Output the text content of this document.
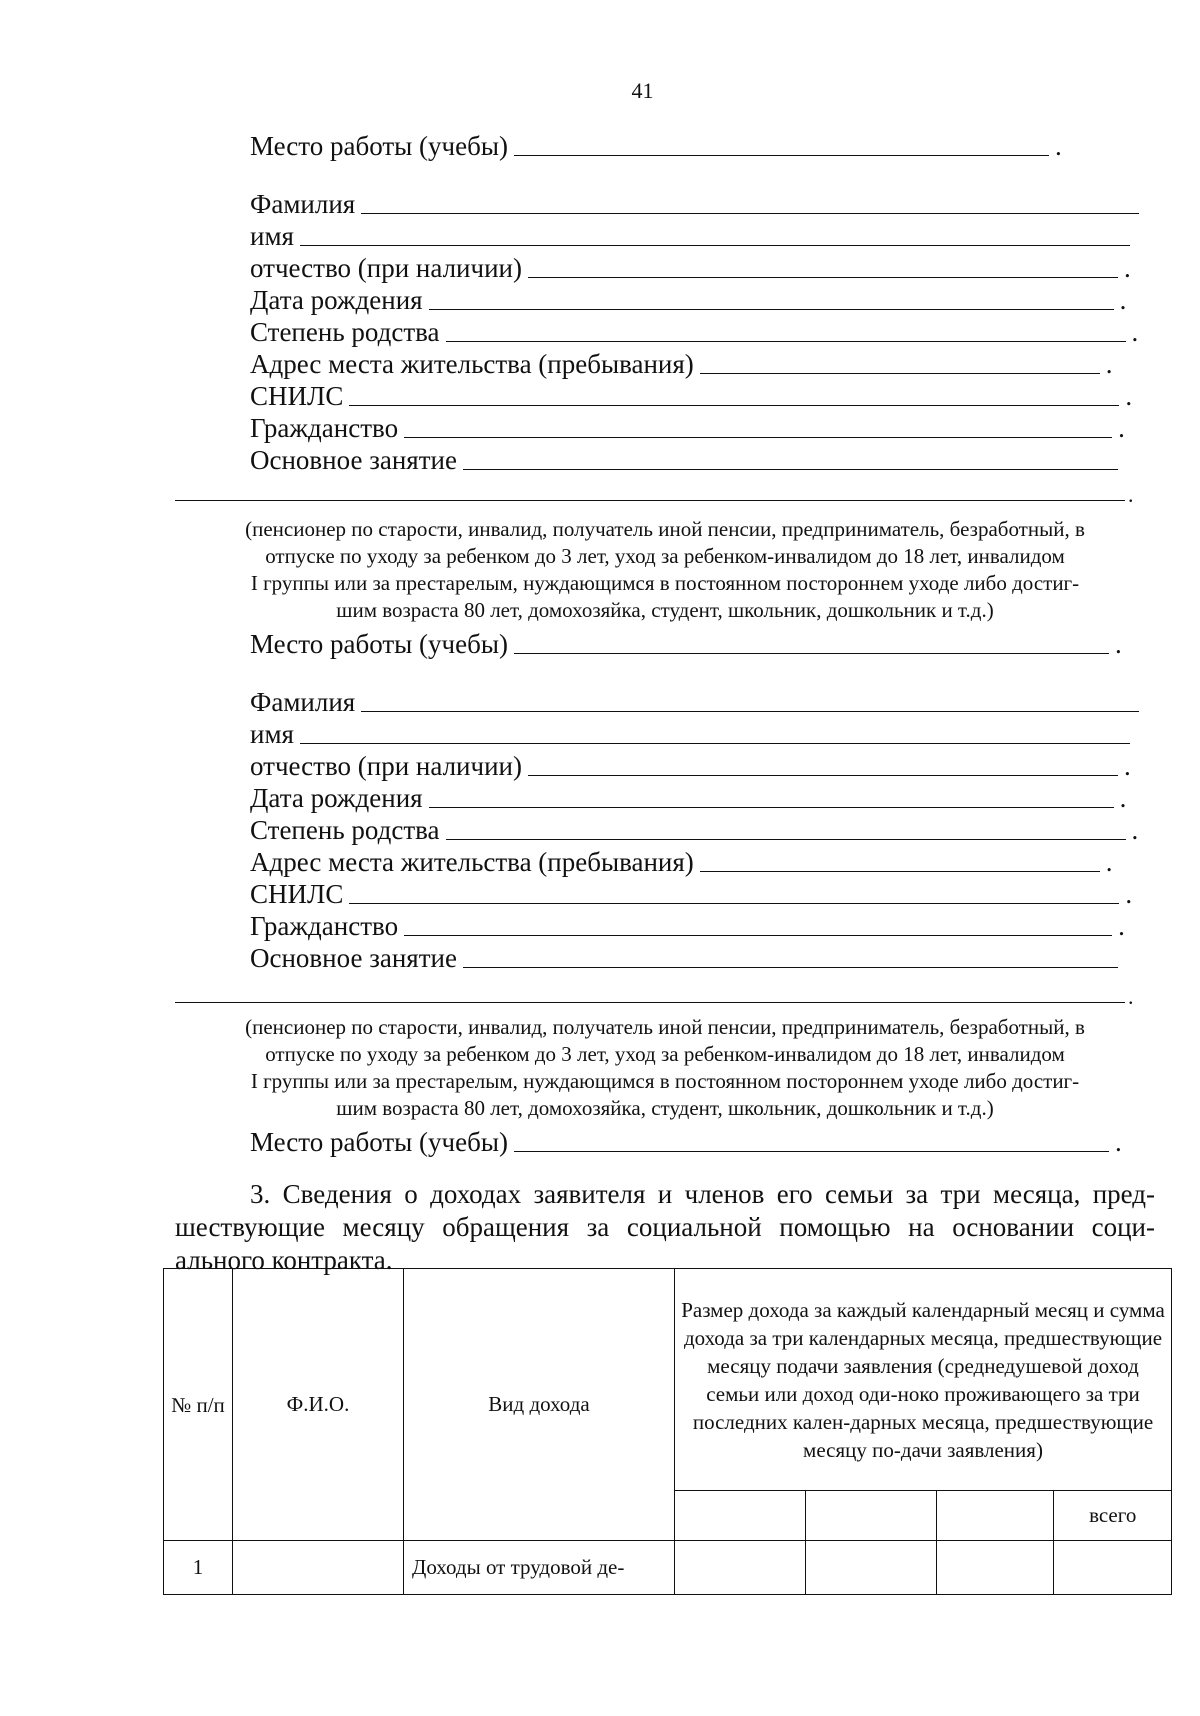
41
Место работы (учебы)	.
Фамилия
имя
отчество (при наличии)	.
Дата рождения	.
Степень родства	.
Адрес места жительства (пребывания)	.
СНИЛС	.
Гражданство	.
Основное занятие
.
(пенсионер по старости, инвалид, получатель иной пенсии, предприниматель, безработный, в
отпуске по уходу за ребенком до 3 лет, уход за ребенком-инвалидом до 18 лет, инвалидом
I группы или за престарелым, нуждающимся в постоянном постороннем уходе либо достиг-
шим возраста 80 лет, домохозяйка, студент, школьник, дошкольник и т.д.)
Место работы (учебы)	.
Фамилия
имя
отчество (при наличии)	.
Дата рождения	.
Степень родства	.
Адрес места жительства (пребывания)	.
СНИЛС	.
Гражданство	.
Основное занятие
.
(пенсионер по старости, инвалид, получатель иной пенсии, предприниматель, безработный, в
отпуске по уходу за ребенком до 3 лет, уход за ребенком-инвалидом до 18 лет, инвалидом
I группы или за престарелым, нуждающимся в постоянном постороннем уходе либо достиг-
шим возраста 80 лет, домохозяйка, студент, школьник, дошкольник и т.д.)
Место работы (учебы)	.
3. Сведения о доходах заявителя и членов его семьи за три месяца, пред-
шествующие месяцу обращения за социальной помощью на основании соци-
ального контракта.
№ п/п	Ф.И.О.	Вид дохода	Размер дохода за каждый календарный месяц и сумма дохода за три календарных месяца, предшествующие месяцу подачи заявления (среднедушевой доход семьи или доход оди-ноко проживающего за три последних кален-дарных месяца, предшествующие месяцу по-дачи заявления)			
						всего
1		Доходы от трудовой де-				
